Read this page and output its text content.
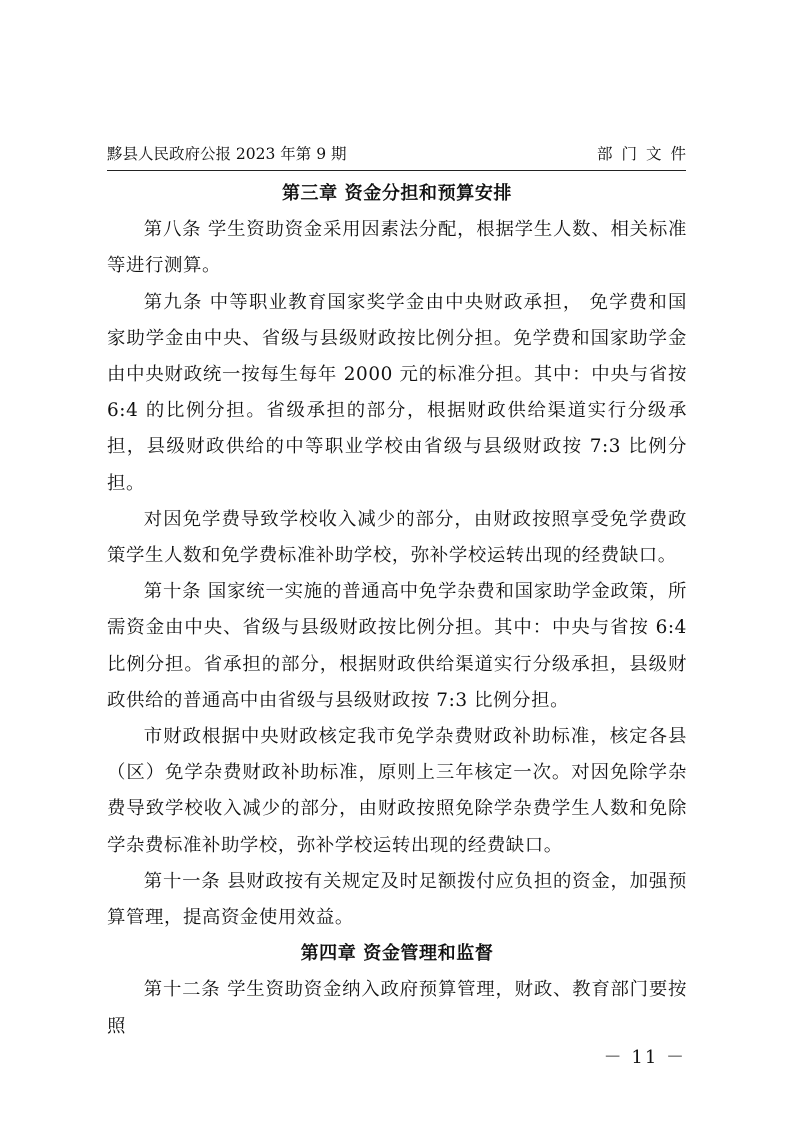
黟县人民政府公报 2023 年第 9 期	部门文件
第三章 资金分担和预算安排

第八条 学生资助资金采用因素法分配，根据学生人数、相关标准等进行测算。

第九条 中等职业教育国家奖学金由中央财政承担， 免学费和国家助学金由中央、省级与县级财政按比例分担。免学费和国家助学金由中央财政统一按每生每年 2000 元的标准分担。其中：中央与省按 6:4 的比例分担。省级承担的部分，根据财政供给渠道实行分级承担，县级财政供给的中等职业学校由省级与县级财政按 7:3 比例分担。

对因免学费导致学校收入减少的部分，由财政按照享受免学费政策学生人数和免学费标准补助学校，弥补学校运转出现的经费缺口。

第十条 国家统一实施的普通高中免学杂费和国家助学金政策，所需资金由中央、省级与县级财政按比例分担。其中：中央与省按 6:4 比例分担。省承担的部分，根据财政供给渠道实行分级承担，县级财政供给的普通高中由省级与县级财政按 7:3 比例分担。

市财政根据中央财政核定我市免学杂费财政补助标准，核定各县（区）免学杂费财政补助标准，原则上三年核定一次。对因免除学杂费导致学校收入减少的部分，由财政按照免除学杂费学生人数和免除学杂费标准补助学校，弥补学校运转出现的经费缺口。

第十一条 县财政按有关规定及时足额拨付应负担的资金，加强预算管理，提高资金使用效益。

第四章 资金管理和监督

第十二条 学生资助资金纳入政府预算管理，财政、教育部门要按照

－ 11 －
